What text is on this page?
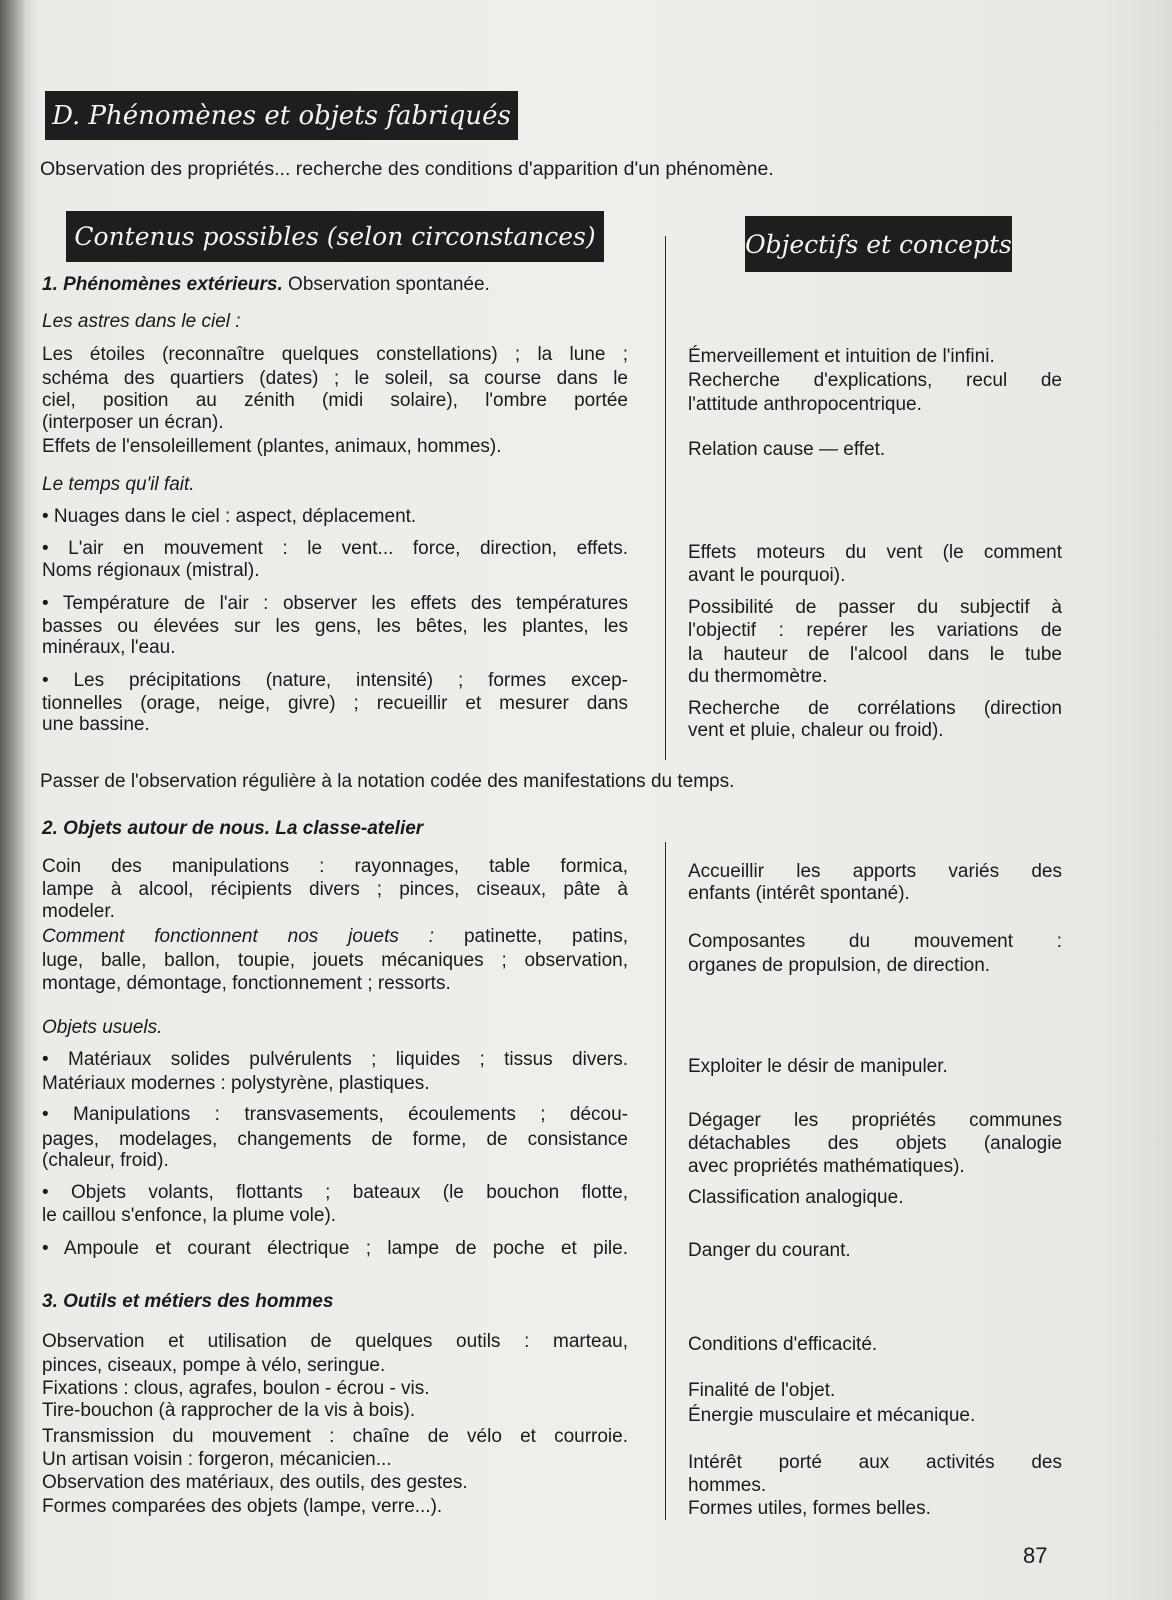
D. Phénomènes et objets fabriqués
Observation des propriétés... recherche des conditions d'apparition d'un phénomène.
Contenus possibles (selon circonstances)	Objectifs et concepts
1. Phénomènes extérieurs. Observation spontanée.
Les astres dans le ciel :
Les étoiles (reconnaître quelques constellations) ; la lune ;
schéma des quartiers (dates) ; le soleil, sa course dans le
ciel, position au zénith (midi solaire), l'ombre portée
(interposer un écran).
Effets de l'ensoleillement (plantes, animaux, hommes).
Le temps qu'il fait.
• Nuages dans le ciel : aspect, déplacement.
• L'air en mouvement : le vent... force, direction, effets.
Noms régionaux (mistral).
• Température de l'air : observer les effets des températures
basses ou élevées sur les gens, les bêtes, les plantes, les
minéraux, l'eau.
• Les précipitations (nature, intensité) ; formes excep-
tionnelles (orage, neige, givre) ; recueillir et mesurer dans
une bassine.
Passer de l'observation régulière à la notation codée des manifestations du temps.
2. Objets autour de nous. La classe-atelier
Coin des manipulations : rayonnages, table formica,
lampe à alcool, récipients divers ; pinces, ciseaux, pâte à
modeler.
Comment fonctionnent nos jouets : patinette, patins,
luge, balle, ballon, toupie, jouets mécaniques ; observation,
montage, démontage, fonctionnement ; ressorts.
Objets usuels.
• Matériaux solides pulvérulents ; liquides ; tissus divers.
Matériaux modernes : polystyrène, plastiques.
• Manipulations : transvasements, écoulements ; décou-
pages, modelages, changements de forme, de consistance
(chaleur, froid).
• Objets volants, flottants ; bateaux (le bouchon flotte,
le caillou s'enfonce, la plume vole).
• Ampoule et courant électrique ; lampe de poche et pile.
3. Outils et métiers des hommes
Observation et utilisation de quelques outils : marteau,
pinces, ciseaux, pompe à vélo, seringue.
Fixations : clous, agrafes, boulon - écrou - vis.
Tire-bouchon (à rapprocher de la vis à bois).
Transmission du mouvement : chaîne de vélo et courroie.
Un artisan voisin : forgeron, mécanicien...
Observation des matériaux, des outils, des gestes.
Formes comparées des objets (lampe, verre...).
Émerveillement et intuition de l'infini.
Recherche d'explications, recul de
l'attitude anthropocentrique.
Relation cause — effet.
Effets moteurs du vent (le comment
avant le pourquoi).
Possibilité de passer du subjectif à
l'objectif : repérer les variations de
la hauteur de l'alcool dans le tube
du thermomètre.
Recherche de corrélations (direction
vent et pluie, chaleur ou froid).
Accueillir les apports variés des
enfants (intérêt spontané).
Composantes du mouvement :
organes de propulsion, de direction.
Exploiter le désir de manipuler.
Dégager les propriétés communes
détachables des objets (analogie
avec propriétés mathématiques).
Classification analogique.
Danger du courant.
Conditions d'efficacité.
Finalité de l'objet.
Énergie musculaire et mécanique.
Intérêt porté aux activités des
hommes.
Formes utiles, formes belles.
87
